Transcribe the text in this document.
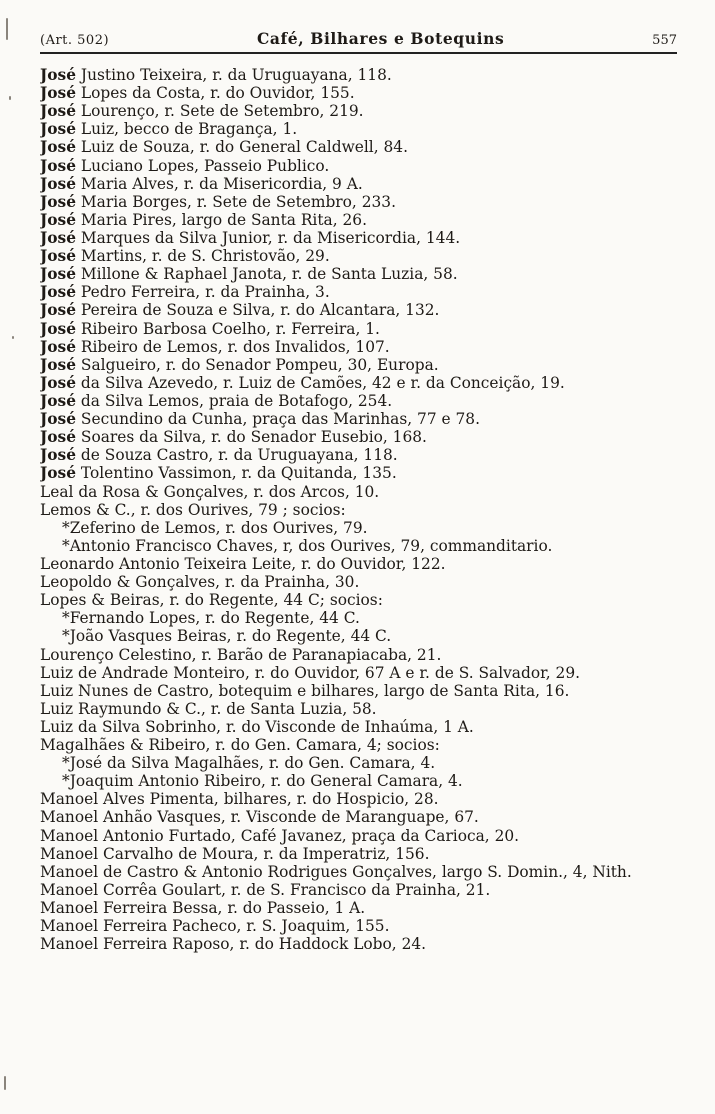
(Art. 502)	Café, Bilhares e Botequins	557
José Justino Teixeira, r. da Uruguayana, 118.
José Lopes da Costa, r. do Ouvidor, 155.
José Lourenço, r. Sete de Setembro, 219.
José Luiz, becco de Bragança, 1.
José Luiz de Souza, r. do General Caldwell, 84.
José Luciano Lopes, Passeio Publico.
José Maria Alves, r. da Misericordia, 9 A.
José Maria Borges, r. Sete de Setembro, 233.
José Maria Pires, largo de Santa Rita, 26.
José Marques da Silva Junior, r. da Misericordia, 144.
José Martins, r. de S. Christovão, 29.
José Millone & Raphael Janota, r. de Santa Luzia, 58.
José Pedro Ferreira, r. da Prainha, 3.
José Pereira de Souza e Silva, r. do Alcantara, 132.
José Ribeiro Barbosa Coelho, r. Ferreira, 1.
José Ribeiro de Lemos, r. dos Invalidos, 107.
José Salgueiro, r. do Senador Pompeu, 30, Europa.
José da Silva Azevedo, r. Luiz de Camões, 42 e r. da Conceição, 19.
José da Silva Lemos, praia de Botafogo, 254.
José Secundino da Cunha, praça das Marinhas, 77 e 78.
José Soares da Silva, r. do Senador Eusebio, 168.
José de Souza Castro, r. da Uruguayana, 118.
José Tolentino Vassimon, r. da Quitanda, 135.
Leal da Rosa & Gonçalves, r. dos Arcos, 10.
Lemos & C., r. dos Ourives, 79 ; socios:
*Zeferino de Lemos, r. dos Ourives, 79.
*Antonio Francisco Chaves, r, dos Ourives, 79, commanditario.
Leonardo Antonio Teixeira Leite, r. do Ouvidor, 122.
Leopoldo & Gonçalves, r. da Prainha, 30.
Lopes & Beiras, r. do Regente, 44 C; socios:
*Fernando Lopes, r. do Regente, 44 C.
*João Vasques Beiras, r. do Regente, 44 C.
Lourenço Celestino, r. Barão de Paranapiacaba, 21.
Luiz de Andrade Monteiro, r. do Ouvidor, 67 A e r. de S. Salvador, 29.
Luiz Nunes de Castro, botequim e bilhares, largo de Santa Rita, 16.
Luiz Raymundo & C., r. de Santa Luzia, 58.
Luiz da Silva Sobrinho, r. do Visconde de Inhaúma, 1 A.
Magalhães & Ribeiro, r. do Gen. Camara, 4; socios:
*José da Silva Magalhães, r. do Gen. Camara, 4.
*Joaquim Antonio Ribeiro, r. do General Camara, 4.
Manoel Alves Pimenta, bilhares, r. do Hospicio, 28.
Manoel Anhão Vasques, r. Visconde de Maranguape, 67.
Manoel Antonio Furtado, Café Javanez, praça da Carioca, 20.
Manoel Carvalho de Moura, r. da Imperatriz, 156.
Manoel de Castro & Antonio Rodrigues Gonçalves, largo S. Domin., 4, Nith.
Manoel Corrêa Goulart, r. de S. Francisco da Prainha, 21.
Manoel Ferreira Bessa, r. do Passeio, 1 A.
Manoel Ferreira Pacheco, r. S. Joaquim, 155.
Manoel Ferreira Raposo, r. do Haddock Lobo, 24.
